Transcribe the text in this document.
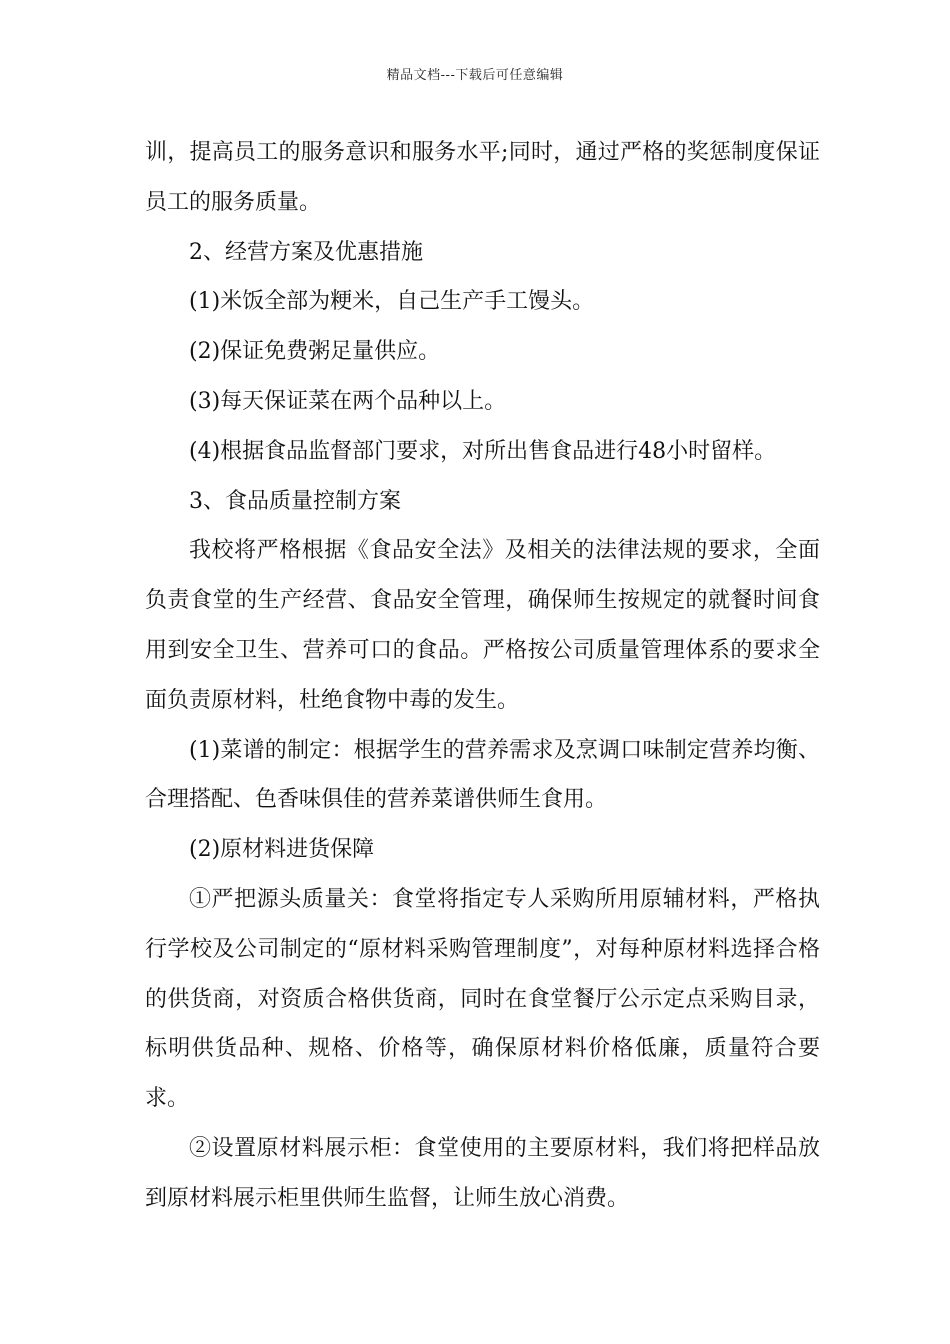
精品文档---下载后可任意编辑

训，提高员工的服务意识和服务水平;同时，通过严格的奖惩制度保证员工的服务质量。

2、经营方案及优惠措施

(1)米饭全部为粳米，自己生产手工馒头。

(2)保证免费粥足量供应。

(3)每天保证菜在两个品种以上。

(4)根据食品监督部门要求，对所出售食品进行48小时留样。

3、食品质量控制方案

我校将严格根据《食品安全法》及相关的法律法规的要求，全面负责食堂的生产经营、食品安全管理，确保师生按规定的就餐时间食用到安全卫生、营养可口的食品。严格按公司质量管理体系的要求全面负责原材料，杜绝食物中毒的发生。

(1)菜谱的制定：根据学生的营养需求及烹调口味制定营养均衡、合理搭配、色香味俱佳的营养菜谱供师生食用。

(2)原材料进货保障

①严把源头质量关：食堂将指定专人采购所用原辅材料，严格执行学校及公司制定的“原材料采购管理制度”，对每种原材料选择合格的供货商，对资质合格供货商，同时在食堂餐厅公示定点采购目录，标明供货品种、规格、价格等，确保原材料价格低廉，质量符合要求。

②设置原材料展示柜：食堂使用的主要原材料，我们将把样品放到原材料展示柜里供师生监督，让师生放心消费。
